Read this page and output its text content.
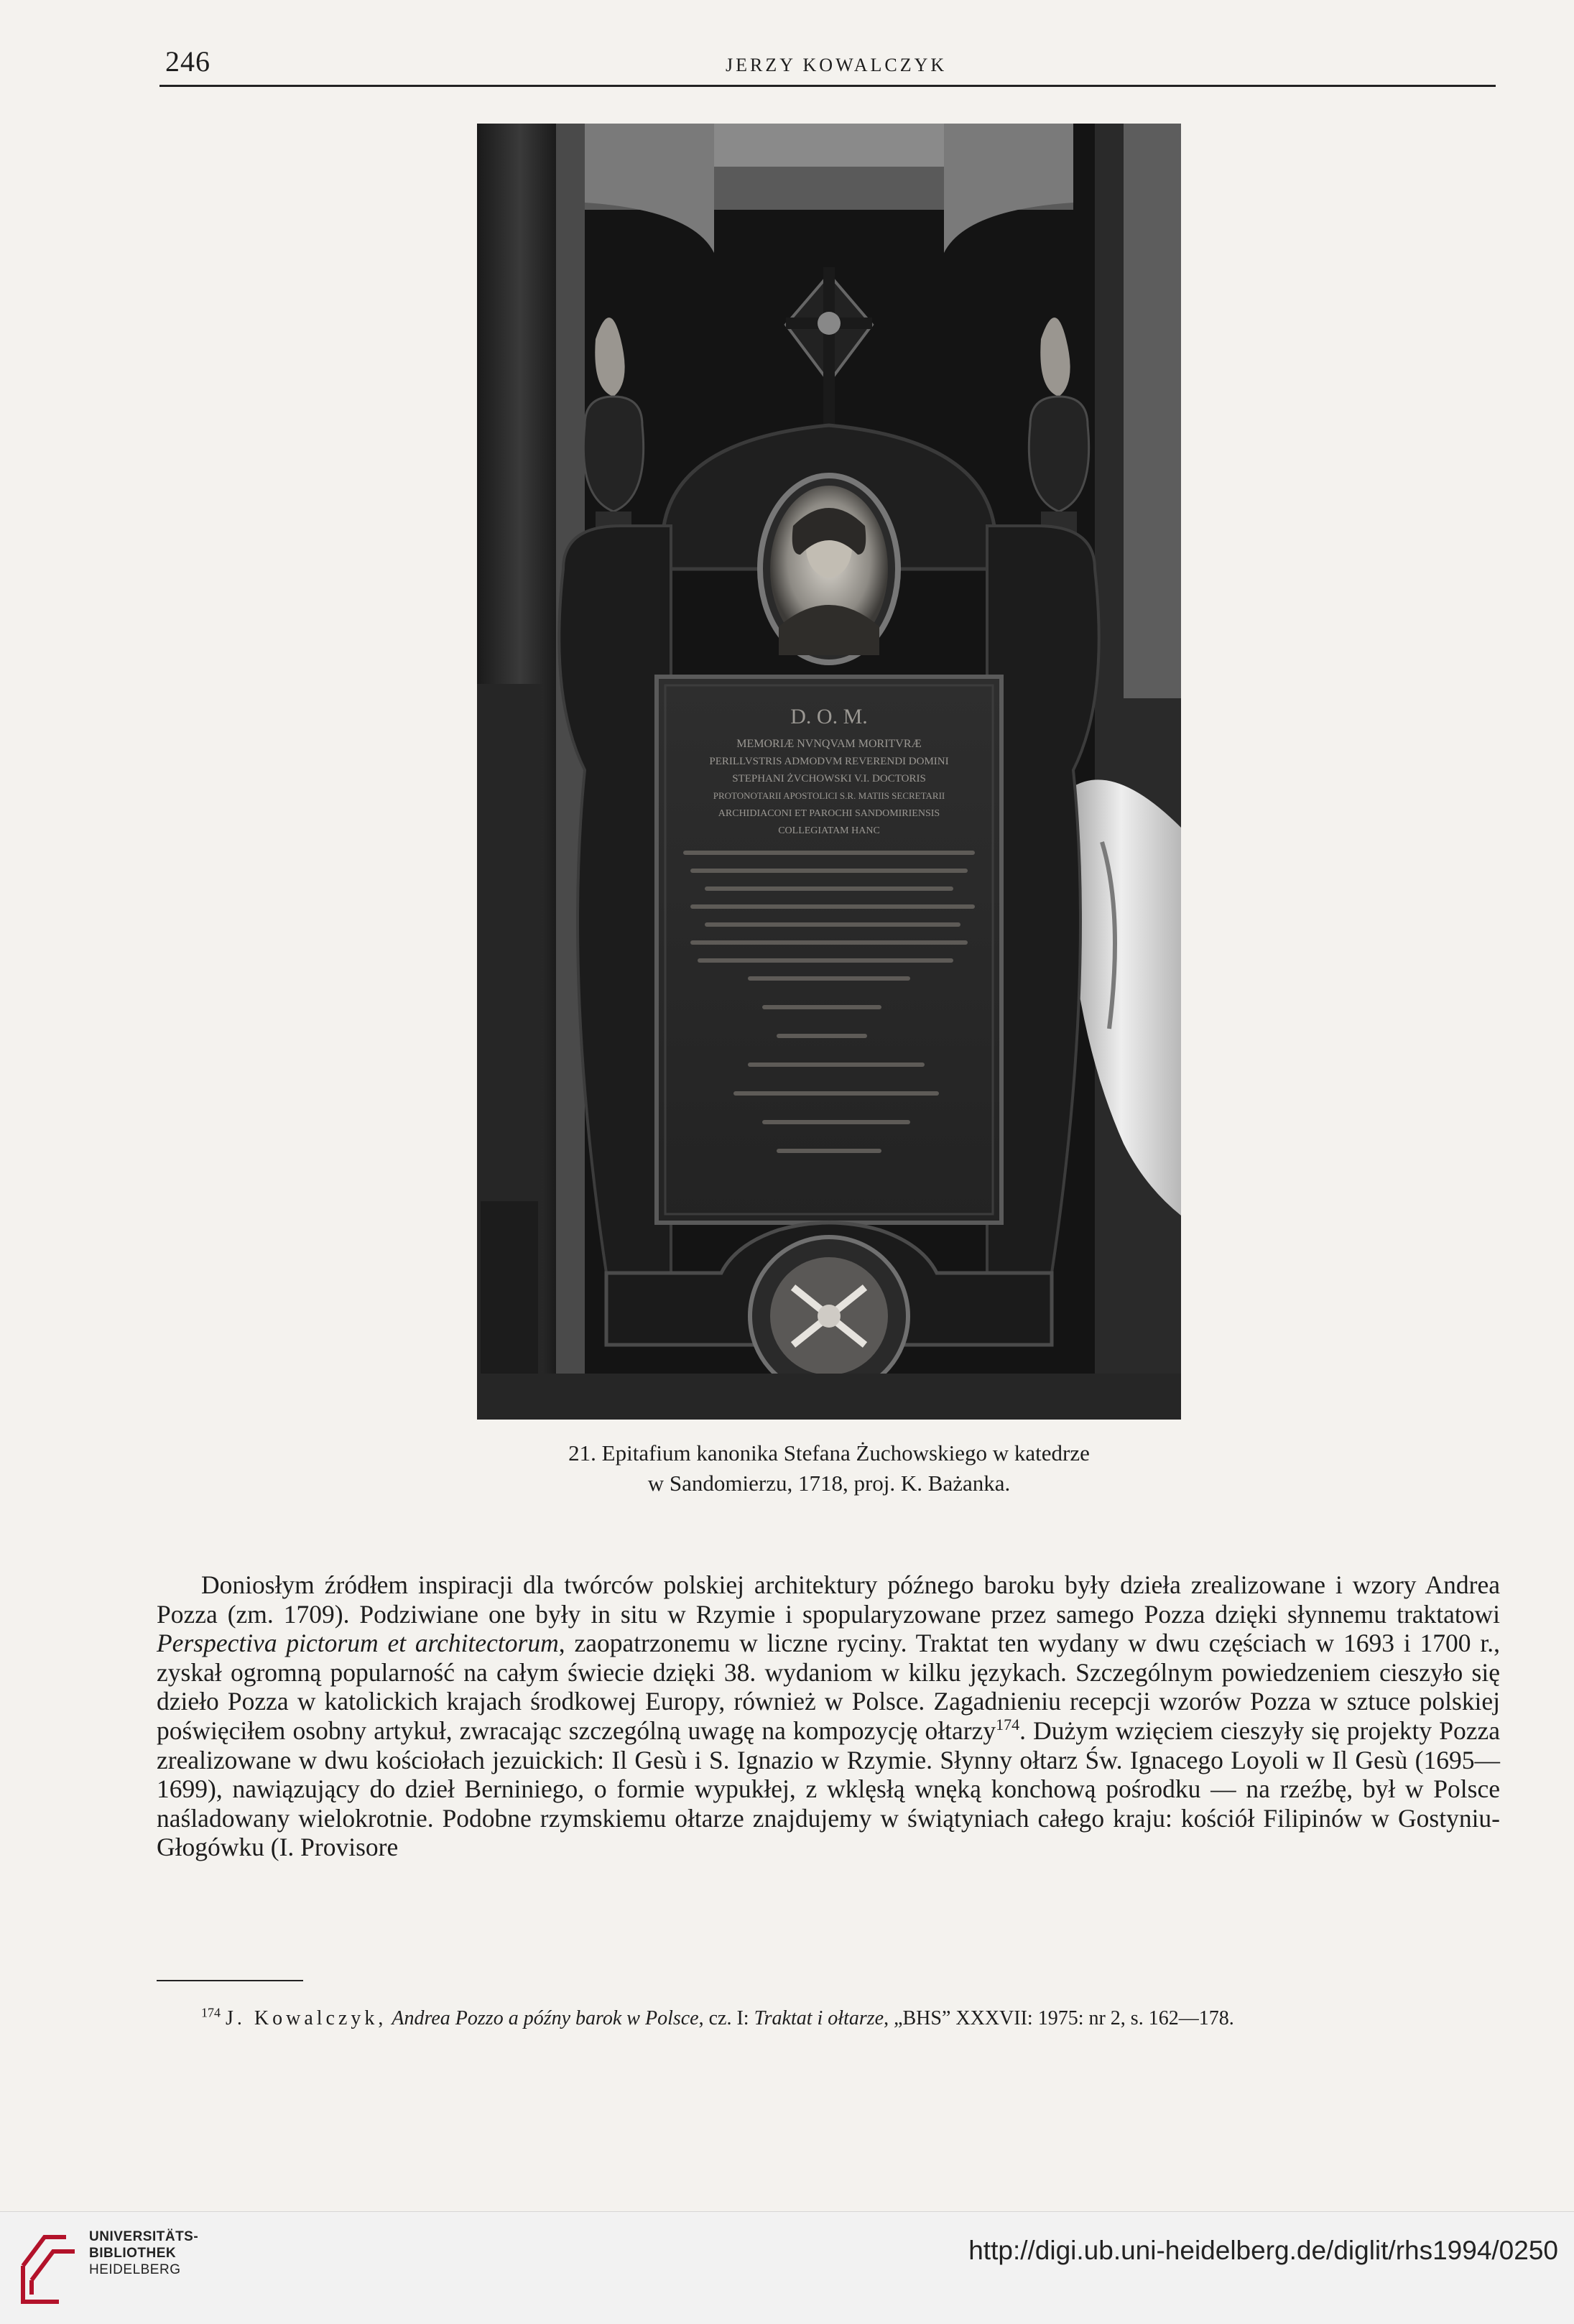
246	JERZY KOWALCZYK
D. O. M.
MEMORIÆ NVNQVAM MORITVRÆ
PERILLVSTRIS ADMODVM REVERENDI DOMINI
STEPHANI ŻVCHOWSKI V.I. DOCTORIS
PROTONOTARII APOSTOLICI S.R. MATIIS SECRETARII
ARCHIDIACONI ET PAROCHI SANDOMIRIENSIS
COLLEGIATAM HANC
21. Epitafium kanonika Stefana Żuchowskiego w katedrze
w Sandomierzu, 1718, proj. K. Bażanka.
Doniosłym źródłem inspiracji dla twórców polskiej architektury późnego baroku były dzieła zrealizowane i wzory Andrea Pozza (zm. 1709). Podziwiane one były in situ w Rzymie i spopularyzowane przez samego Pozza dzięki słynnemu traktatowi Perspectiva pictorum et architectorum, zaopatrzonemu w liczne ryciny. Traktat ten wydany w dwu częściach w 1693 i 1700 r., zyskał ogromną popularność na całym świecie dzięki 38. wydaniom w kilku językach. Szczególnym powiedzeniem cieszyło się dzieło Pozza w katolickich krajach środkowej Europy, również w Polsce. Zagadnieniu recepcji wzorów Pozza w sztuce polskiej poświęciłem osobny artykuł, zwracając szczególną uwagę na kompozycję ołtarzy$^{174}$. Dużym wzięciem cieszyły się projekty Pozza zrealizowane w dwu kościołach jezuickich: Il Gesù i S. Ignazio w Rzymie. Słynny ołtarz Św. Ignacego Loyoli w Il Gesù (1695—1699), nawiązujący do dzieł Berniniego, o formie wypukłej, z wklęsłą wnęką konchową pośrodku — na rzeźbę, był w Polsce naśladowany wielokrotnie. Podobne rzymskiemu ołtarze znajdujemy w świątyniach całego kraju: kościół Filipinów w Gostyniu-Głogówku (I. Provisore
$^{174}$ J. Kowalczyk, Andrea Pozzo a późny barok w Polsce, cz. I: Traktat i ołtarze, „BHS” XXXVII: 1975: nr 2, s. 162—178.
UNIVERSITÄTS-
BIBLIOTHEK
HEIDELBERG
http://digi.ub.uni-heidelberg.de/diglit/rhs1994/0250
